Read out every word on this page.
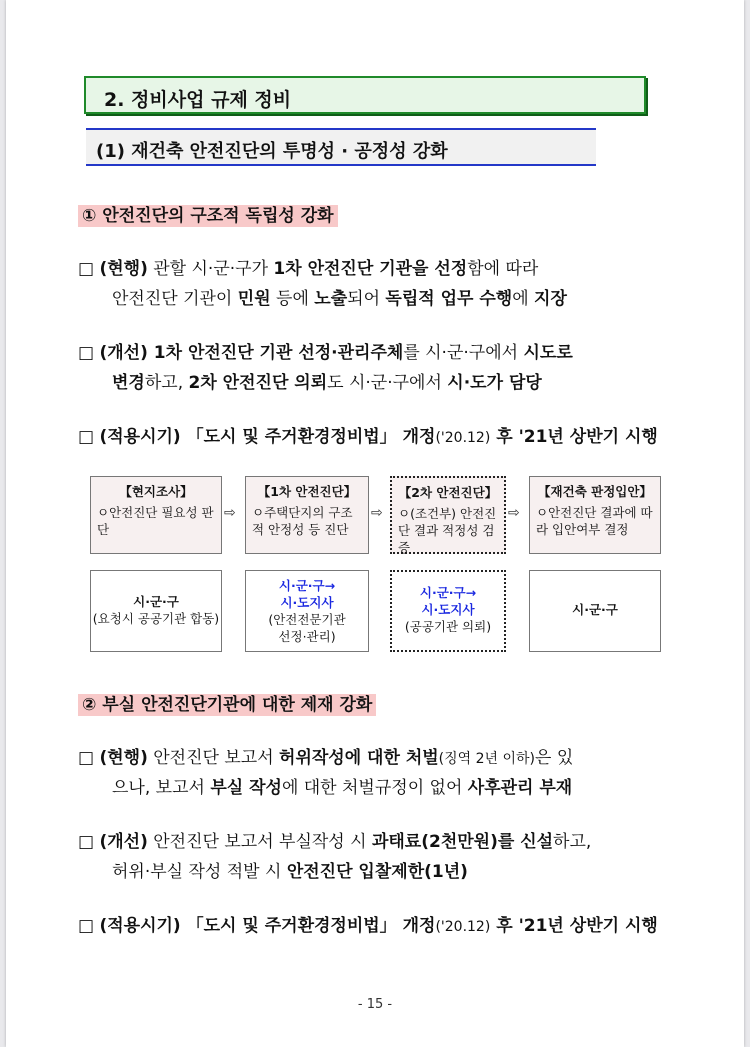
2. 정비사업 규제 정비
(1) 재건축 안전진단의 투명성 · 공정성 강화
① 안전진단의 구조적 독립성 강화
□ (현행) 관할 시·군·구가 1차 안전진단 기관을 선정함에 따라
안전진단 기관이 민원 등에 노출되어 독립적 업무 수행에 지장
□ (개선) 1차 안전진단 기관 선정·관리주체를 시·군·구에서 시도로
변경하고, 2차 안전진단 의뢰도 시·군·구에서 시·도가 담당
□ (적용시기) 「도시 및 주거환경정비법」 개정('20.12) 후 '21년 상반기 시행
【현지조사】
ㅇ안전진단 필요성 판단
⇨
【1차 안전진단】
ㅇ주택단지의 구조적 안정성 등 진단
⇨
【2차 안전진단】
ㅇ(조건부) 안전진단 결과 적정성 검증
⇨
【재건축 판정입안】
ㅇ안전진단 결과에 따라 입안여부 결정
시·군·구
(요청시 공공기관 합동)
시·군·구→
시·도지사
(안전전문기관
선정·관리)
시·군·구→
시·도지사
(공공기관 의뢰)
시·군·구
② 부실 안전진단기관에 대한 제재 강화
□ (현행) 안전진단 보고서 허위작성에 대한 처벌(징역 2년 이하)은 있
으나, 보고서 부실 작성에 대한 처벌규정이 없어 사후관리 부재
□ (개선) 안전진단 보고서 부실작성 시 과태료(2천만원)를 신설하고,
허위·부실 작성 적발 시 안전진단 입찰제한(1년)
□ (적용시기) 「도시 및 주거환경정비법」 개정('20.12) 후 '21년 상반기 시행
- 15 -
